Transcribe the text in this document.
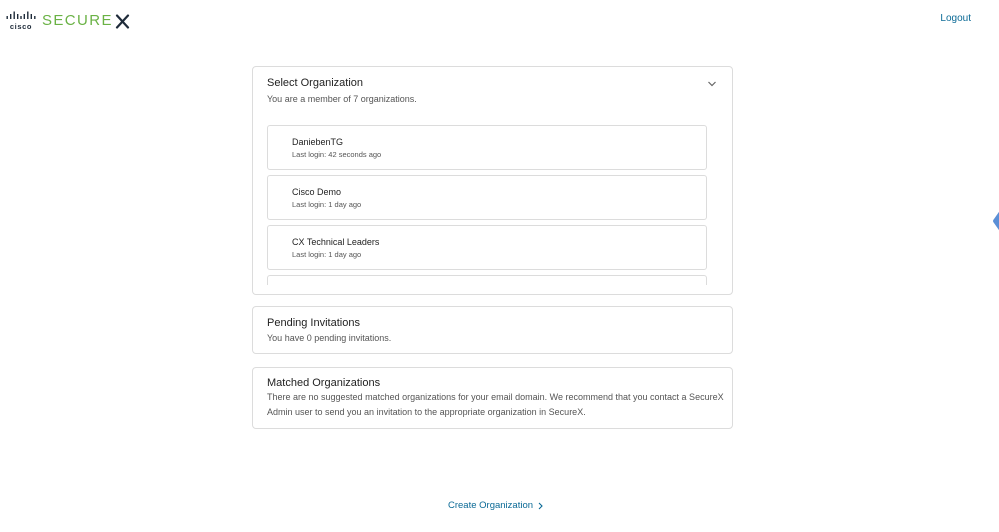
cisco SECURE	Logout
Select Organization
You are a member of 7 organizations.
DaniebenTG
Last login: 42 seconds ago
Cisco Demo
Last login: 1 day ago
CX Technical Leaders
Last login: 1 day ago
Pending Invitations
You have 0 pending invitations.
Matched Organizations
There are no suggested matched organizations for your email domain. We recommend that you contact a SecureX Admin user to send you an invitation to the appropriate organization in SecureX.
Create Organization
